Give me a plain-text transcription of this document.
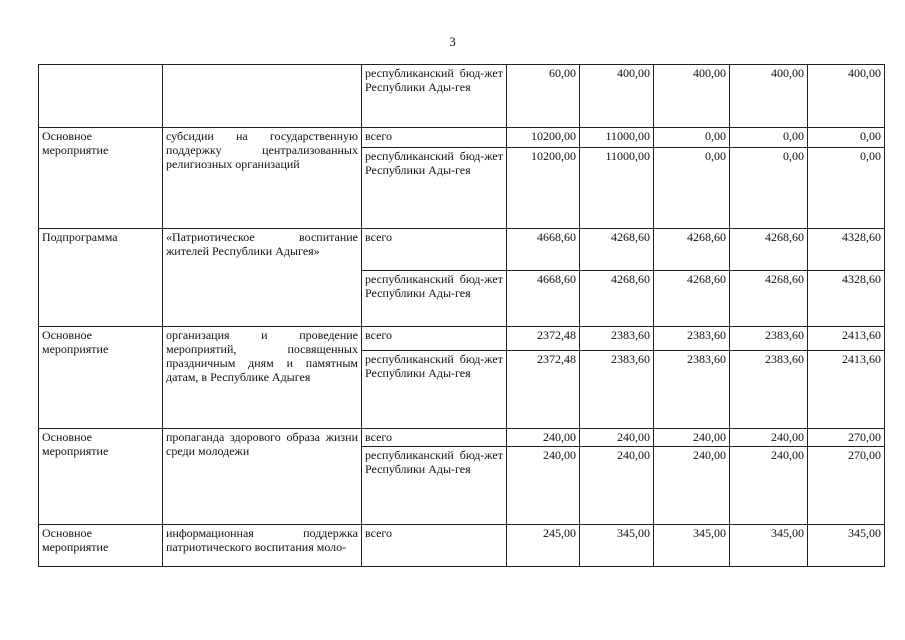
3

		республиканский бюд-жет Республики Ады-гея	60,00	400,00	400,00	400,00	400,00
Основное мероприятие	субсидии на государственную поддержку централизованных религиозных организаций	всего	10200,00	11000,00	0,00	0,00	0,00

		республиканский бюд-жет Республики Ады-гея	10200,00	11000,00	0,00	0,00	0,00
Подпрограмма	«Патриотическое воспитание жителей Республики Адыгея»	всего	4668,60	4268,60	4268,60	4268,60	4328,60

		республиканский бюд-жет Республики Ады-гея	4668,60	4268,60	4268,60	4268,60	4328,60
Основное мероприятие	организация и проведение мероприятий, посвященных праздничным дням и памятным датам, в Республике Адыгея	всего	2372,48	2383,60	2383,60	2383,60	2413,60

		республиканский бюд-жет Республики Ады-гея	2372,48	2383,60	2383,60	2383,60	2413,60
Основное мероприятие	пропаганда здорового образа жизни среди молодежи	всего	240,00	240,00	240,00	240,00	270,00

		республиканский бюд-жет Республики Ады-гея	240,00	240,00	240,00	240,00	270,00
Основное мероприятие	информационная поддержка патриотического воспитания моло-	всего	245,00	345,00	345,00	345,00	345,00
